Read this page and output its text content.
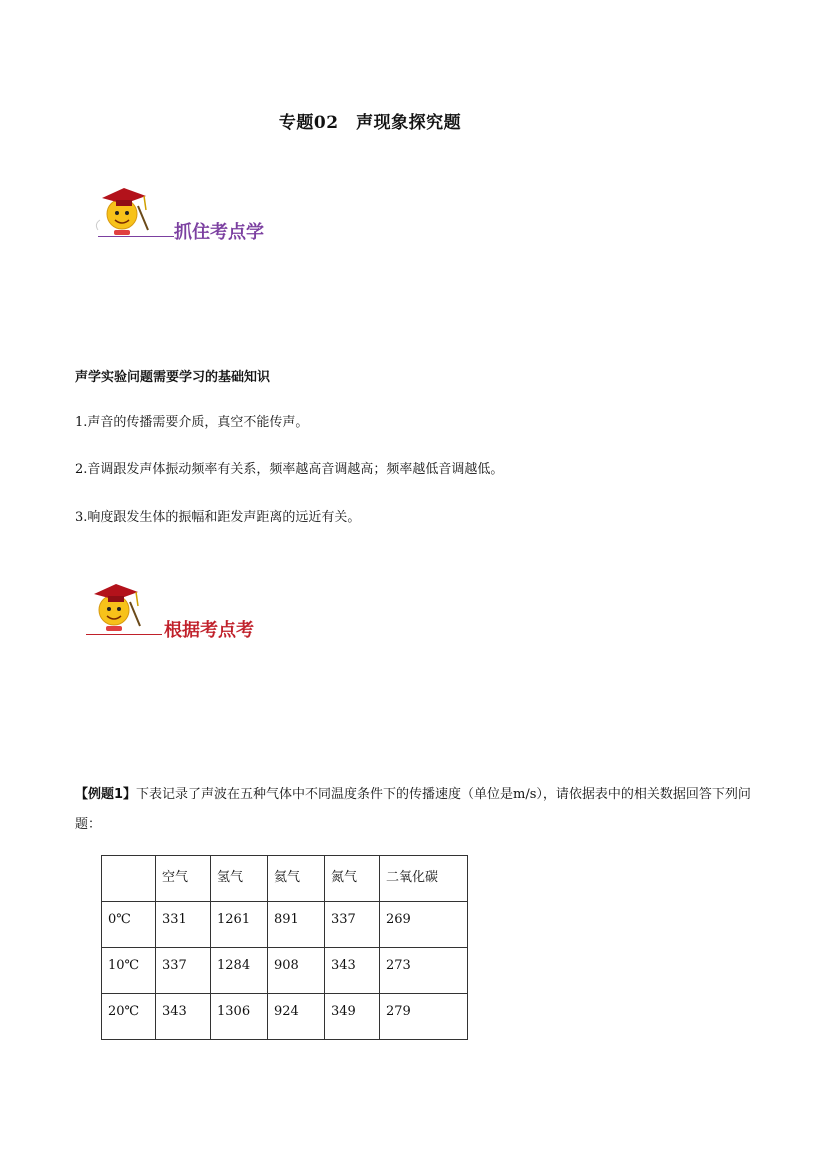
专题02　声现象探究题
抓住考点学
声学实验问题需要学习的基础知识
1.声音的传播需要介质，真空不能传声。
2.音调跟发声体振动频率有关系，频率越高音调越高；频率越低音调越低。
3.响度跟发生体的振幅和距发声距离的远近有关。
根据考点考
【例题1】下表记录了声波在五种气体中不同温度条件下的传播速度（单位是m/s），请依据表中的相关数据回答下列问题：
	空气	氢气	氦气	氮气	二氧化碳
0℃	331	1261	891	337	269
10℃	337	1284	908	343	273
20℃	343	1306	924	349	279
